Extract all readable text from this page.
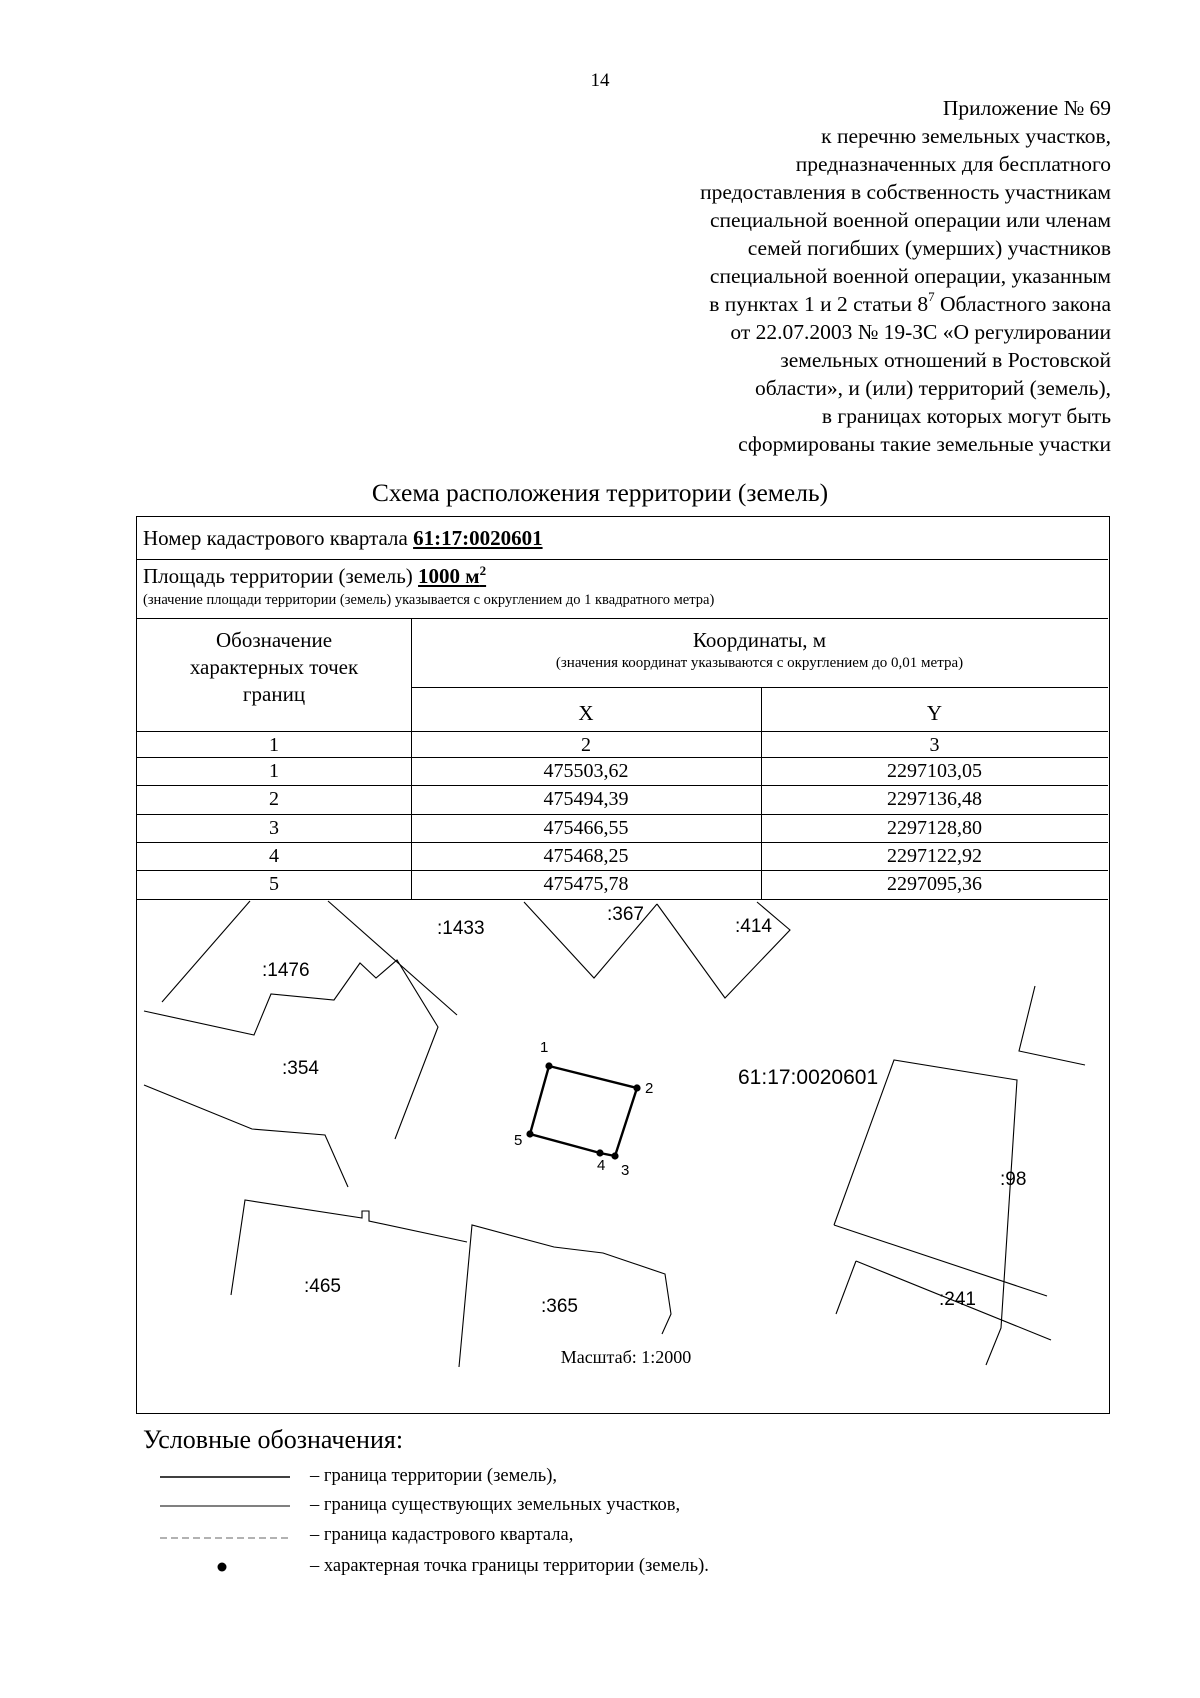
14
Приложение № 69
к перечню земельных участков,
предназначенных для бесплатного
предоставления в собственность участникам
специальной военной операции или членам
семей погибших (умерших) участников
специальной военной операции, указанным
в пунктах 1 и 2 статьи $8^7$ Областного закона
от 22.07.2003 № 19-ЗС «О регулировании
земельных отношений в Ростовской
области», и (или) территорий (земель),
в границах которых могут быть
сформированы такие земельные участки
Схема расположения территории (земель)
Номер кадастрового квартала 61:17:0020601
Площадь территории (земель) 1000 $м^2$
(значение площади территории (земель) указывается с округлением до 1 квадратного метра)
Обозначение
характерных точек
границ
Координаты, м
(значения координат указываются с округлением до 0,01 метра)
X	Y
1	2	3
1	475503,62	2297103,05
2	475494,39	2297136,48
3	475466,55	2297128,80
4	475468,25	2297122,92
5	475475,78	2297095,36
:1433
:367
:414
:1476
:354
:98
:465
:365	:241
61:17:0020601
1
2
3
4
5
Масштаб: 1:2000
Условные обозначения:
– граница территории (земель),
– граница существующих земельных участков,
– граница кадастрового квартала,
– характерная точка границы территории (земель).
